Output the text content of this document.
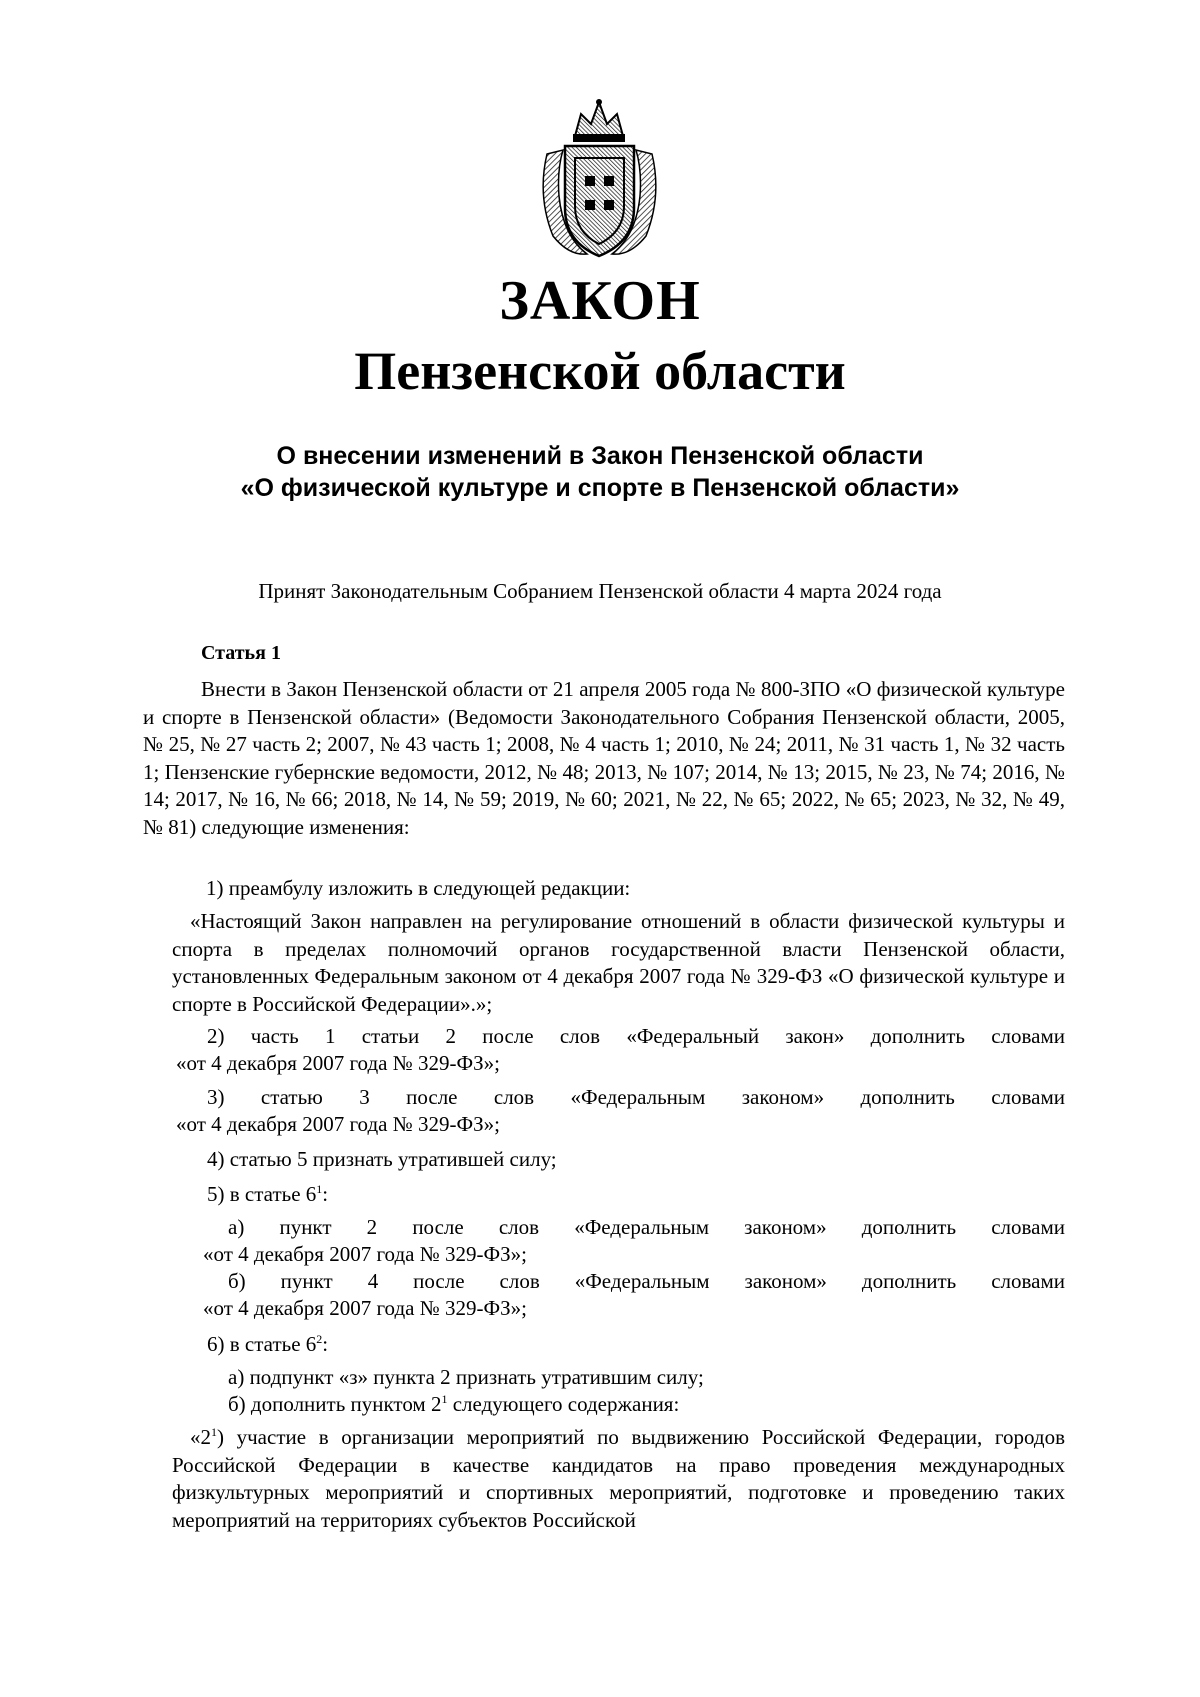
ЗАКОН
Пензенской области
О внесении изменений в Закон Пензенской области
«О физической культуре и спорте в Пензенской области»
Принят Законодательным Собранием Пензенской области 4 марта 2024 года
Статья 1
Внести в Закон Пензенской области от 21 апреля 2005 года № 800-ЗПО «О физической культуре и спорте в Пензенской области» (Ведомости Законодательного Собрания Пензенской области, 2005, № 25, № 27 часть 2; 2007, № 43 часть 1; 2008, № 4 часть 1; 2010, № 24; 2011, № 31 часть 1, № 32 часть 1; Пензенские губернские ведомости, 2012, № 48; 2013, № 107; 2014, № 13; 2015, № 23, № 74; 2016, № 14; 2017, № 16, № 66; 2018, № 14, № 59; 2019, № 60; 2021, № 22, № 65; 2022, № 65; 2023, № 32, № 49, № 81) следующие изменения:
1) преамбулу изложить в следующей редакции:
«Настоящий Закон направлен на регулирование отношений в области физической культуры и спорта в пределах полномочий органов государственной власти Пензенской области, установленных Федеральным законом от 4 декабря 2007 года № 329-ФЗ «О физической культуре и спорте в Российской Федерации».»;
2) часть 1 статьи 2 после слов «Федеральный закон» дополнить словами
«от 4 декабря 2007 года № 329-ФЗ»;
3) статью 3 после слов «Федеральным законом» дополнить словами
«от 4 декабря 2007 года № 329-ФЗ»;
4) статью 5 признать утратившей силу;
5) в статье $6^1$:
а) пункт 2 после слов «Федеральным законом» дополнить словами
«от 4 декабря 2007 года № 329-ФЗ»;
б) пункт 4 после слов «Федеральным законом» дополнить словами
«от 4 декабря 2007 года № 329-ФЗ»;
6) в статье $6^2$:
а) подпункт «з» пункта 2 признать утратившим силу;
б) дополнить пунктом $2^1$ следующего содержания:
«$2^1$) участие в организации мероприятий по выдвижению Российской Федерации, городов Российской Федерации в качестве кандидатов на право проведения международных физкультурных мероприятий и спортивных мероприятий, подготовке и проведению таких мероприятий на территориях субъектов Российской
